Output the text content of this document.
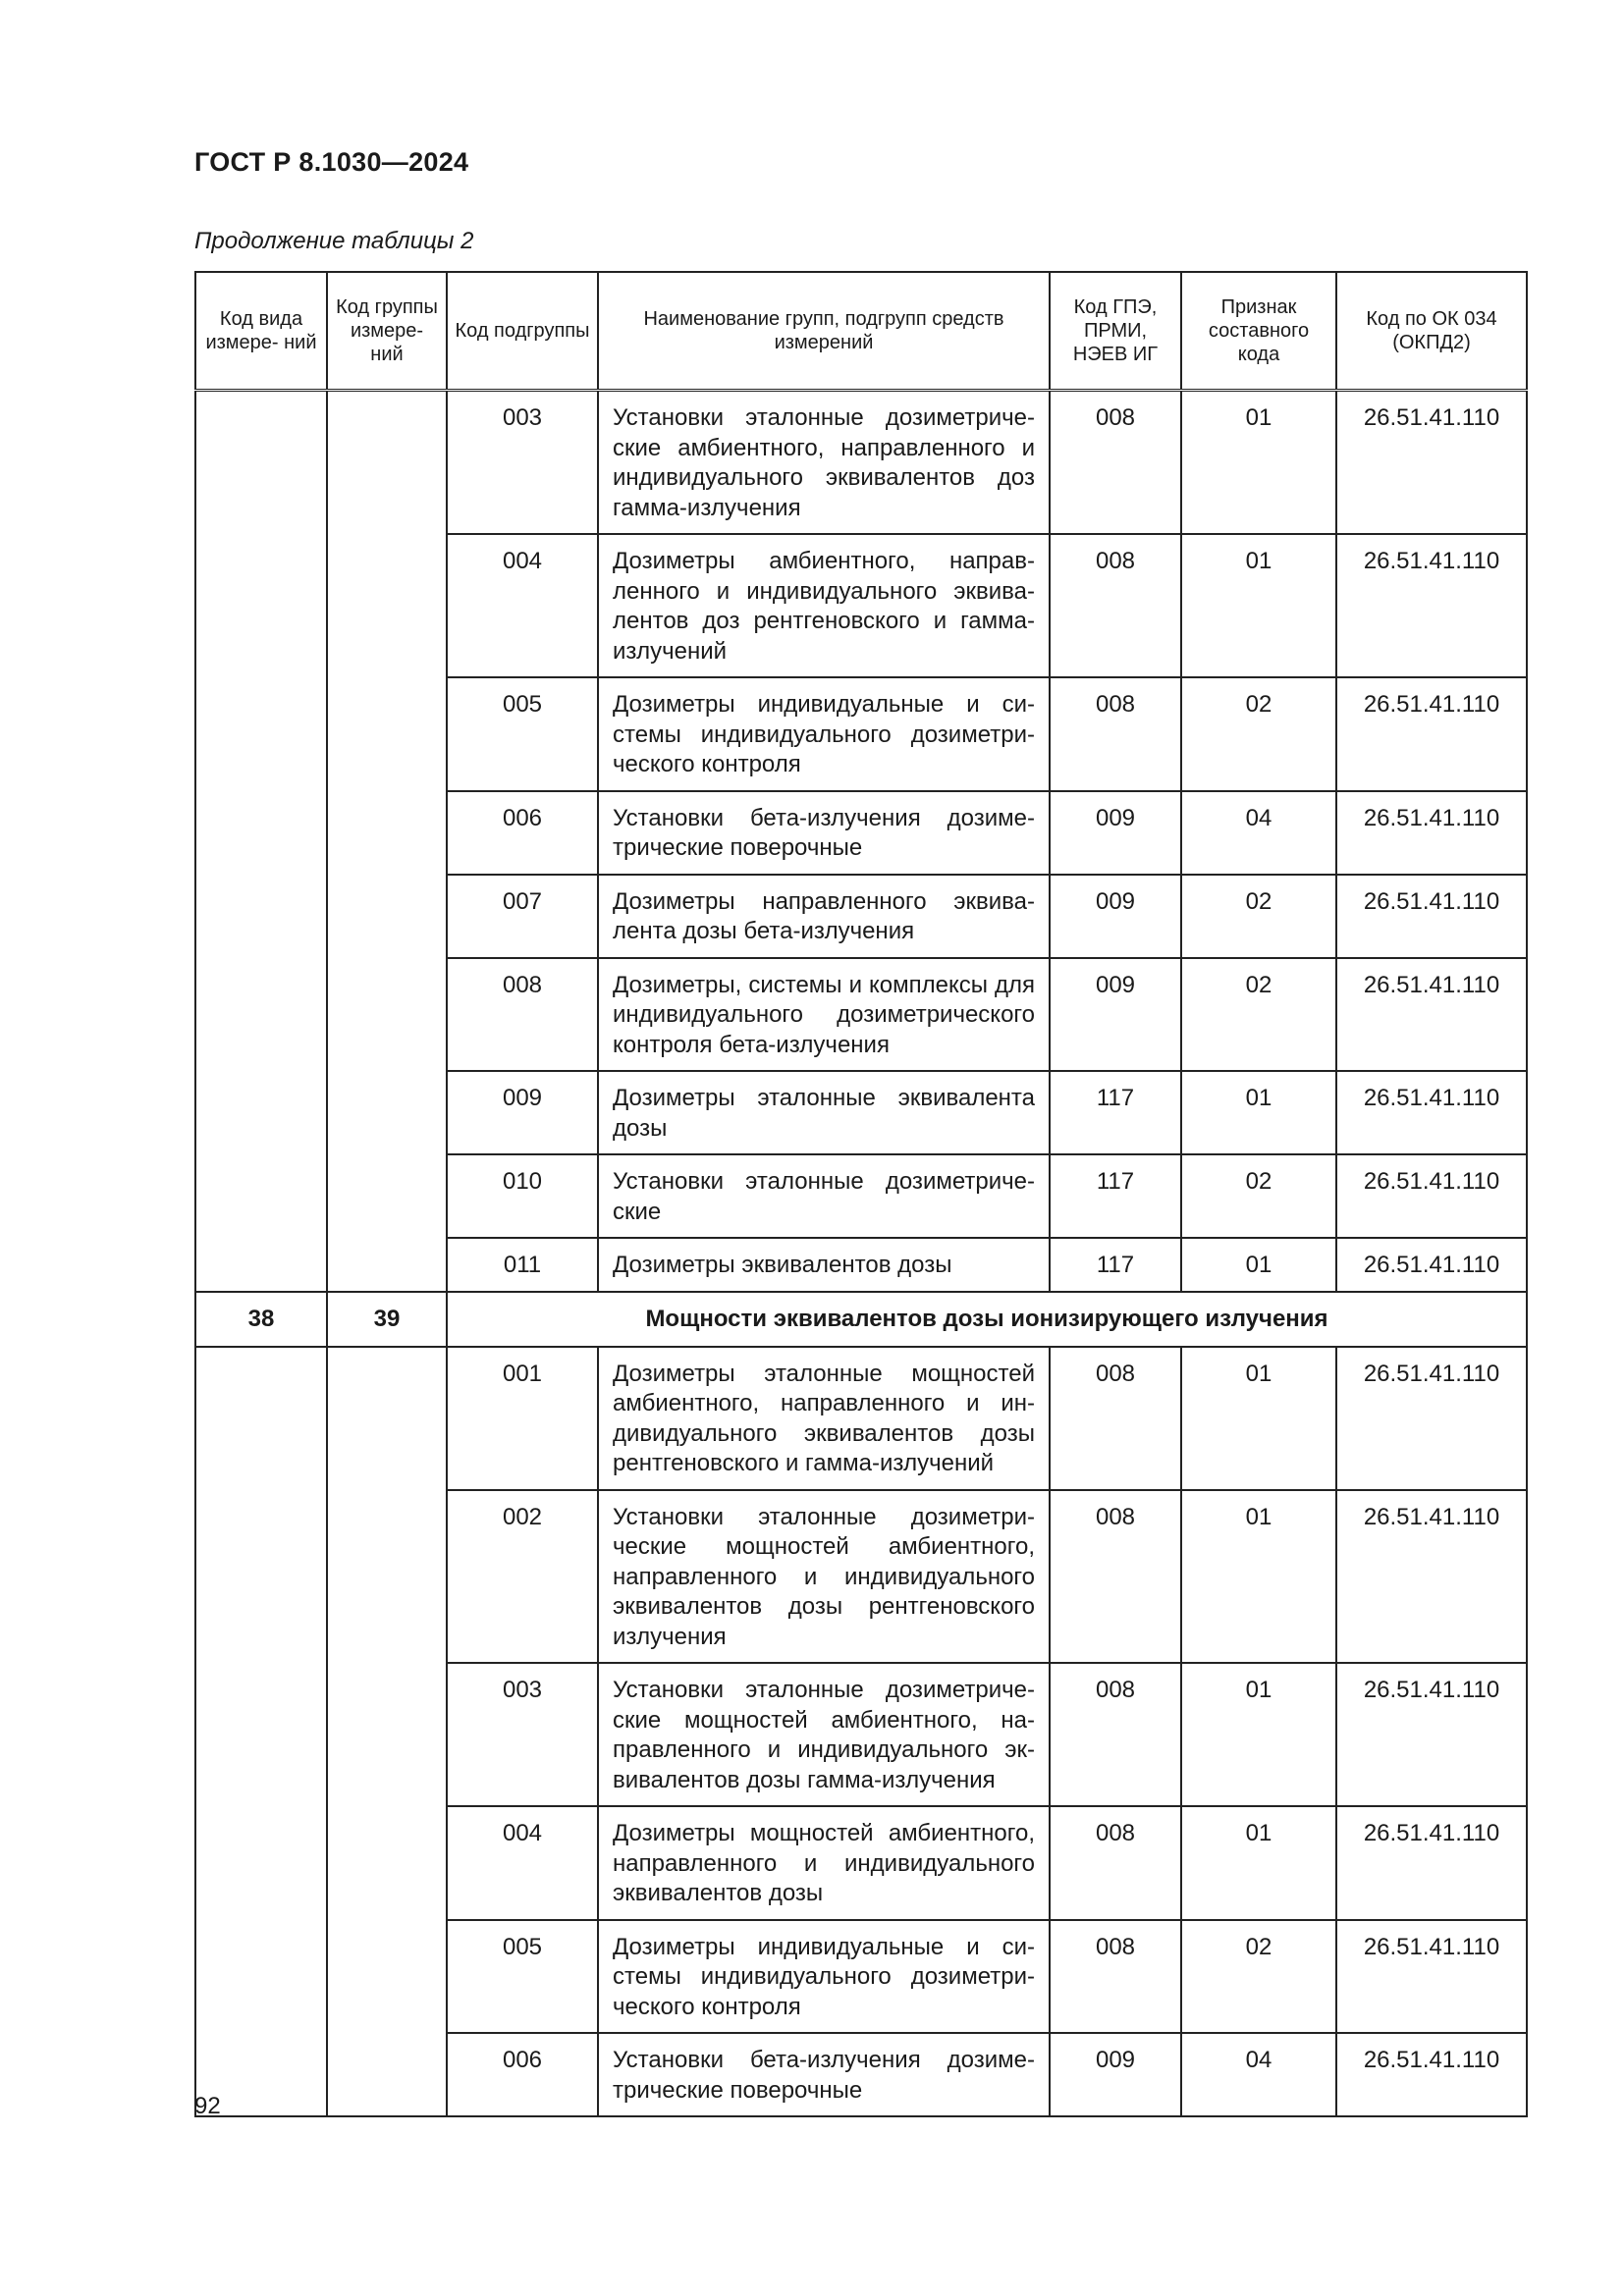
ГОСТ Р 8.1030—2024
Продолжение таблицы 2
Код вида измере- ний	Код группы измере- ний	Код подгруппы	Наименование групп, подгрупп средств измерений	Код ГПЭ, ПРМИ, НЭЕВ ИГ	Признак составного кода	Код по ОК 034 (ОКПД2)

		003	Установки эталонные дозиметрические амбиентного, направленного и индивидуального эквивалентов доз гамма-излучения	008	01	26.51.41.110
		004	Дозиметры амбиентного, направленного и индивидуального эквивалентов доз рентгеновского и гамма-излучений	008	01	26.51.41.110
		005	Дозиметры индивидуальные и системы индивидуального дозиметрического контроля	008	02	26.51.41.110
		006	Установки бета-излучения дозиметрические поверочные	009	04	26.51.41.110
		007	Дозиметры направленного эквивалента дозы бета-излучения	009	02	26.51.41.110
		008	Дозиметры, системы и комплексы для индивидуального дозиметрического контроля бета-излучения	009	02	26.51.41.110
		009	Дозиметры эталонные эквивалента дозы	117	01	26.51.41.110
		010	Установки эталонные дозиметрические	117	02	26.51.41.110
		011	Дозиметры эквивалентов дозы	117	01	26.51.41.110
38	39	Мощности эквивалентов дозы ионизирующего излучения				
		001	Дозиметры эталонные мощностей амбиентного, направленного и индивидуального эквивалентов дозы рентгеновского и гамма-излучений	008	01	26.51.41.110
		002	Установки эталонные дозиметрические мощностей амбиентного, направленного и индивидуального эквивалентов дозы рентгеновского излучения	008	01	26.51.41.110
		003	Установки эталонные дозиметрические мощностей амбиентного, направленного и индивидуального эквивалентов дозы гамма-излучения	008	01	26.51.41.110
		004	Дозиметры мощностей амбиентного, направленного и индивидуального эквивалентов дозы	008	01	26.51.41.110
		005	Дозиметры индивидуальные и системы индивидуального дозиметрического контроля	008	02	26.51.41.110
		006	Установки бета-излучения дозиметрические поверочные	009	04	26.51.41.110
92
